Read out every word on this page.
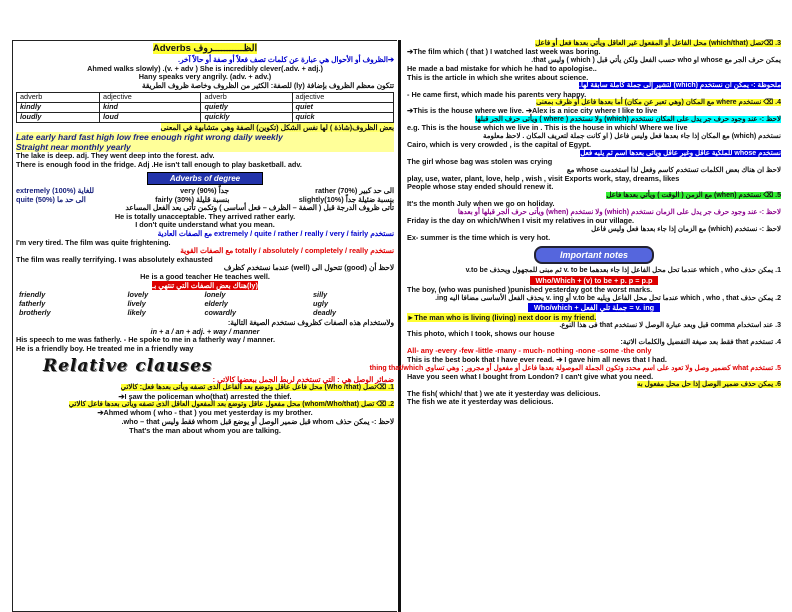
Adverbs الظـــــــــــروف
➔الظروف أو الأحوال هي عبارة عن كلمات تصف فعلاً أو صفة أو حالاً آخر.
Ahmed walks slowly) .(v. + adv ) She is incredibly clever(.adv. + adj.)
Hany speaks very angrily. (adv. + adv.)
تتكون معظم الظروف بإضافة (ly) للصفة: الكثير من الظروف وخاصة ظروف الطريقة
adverb	adjective	adverb	adjective
kindly	kind	quietly	quiet
loudly	loud	quickly	quick
بعض الظروف(شاذة ) لها نفس الشكل (تكوين) الصفة وهي متشابهة في المعنى
Late early hard fast high low free enough right wrong daily weekly
Straight near monthly yearly
The lake is deep. adj. They went deep into the forest. adv.
There is enough food in the fridge. Adj .He isn't tall enough to play basketball. adv.
Adverbs of degree
extremely (100%) للغاية	very (90%) جداً	rather (70%) الى حد كبير
quite (50%) الى حد ما	fairly (30%) بنسبة قليلة	slightly(10%) بنسبة ضئيلة جداً
تأتى ظروف الدرجة قبل ( الصفة – الظرف – فعل أساسى ) وتكمن تأتى بعد الفعل المساعد
He is totally unacceptable. They arrived rather early.
I don't quite understand what you mean.
نستخدم extremely / quite / rather / really / very / fairly مع الصفات العادية
I'm very tired. The film was quite frightening.
نستخدم totally / absolutely / completely / really مع الصفات القوية
The film was really terrifying. I was absolutely exhausted
لاحظ أن (good) تتحول الى (well) عندما نستخدم كظرف
He is a good teacher He teaches well.
هناك بعض الصفات التي تنتهي بـ(ly)
friendly	lovely	lonely	silly
fatherly	lively	elderly	ugly
brotherly	likely	cowardly	deadly
ولاستخدام هذه الصفات كظروف نستخدم الصيغة التالية:
in + a / an + adj. + way / manner
His speech to me was fatherly. - He spoke to me in a fatherly way / manner.
He is a friendly boy. He treated me in a friendly way
Relative clauses
ضمائر الوصل هي : التي تستخدم لربط الجمل ببعضها كالاتي :
1. ⌫تصل (Who /that) محل فاعل عاقل وتوضع بعد الفاعل الذى تصفه ويأتى بعدها فعل: كالاتي
➔I saw the policeman who(that) arrested the thief.
2. ⌫ تصل (whom/Who/that) محل مفعول عاقل وتوضع بعد المفعول العاقل الذى تصفه ويأتى بعدها فاعل كالاتي
➔Ahmed whom ( who - that ) you met yesterday is my brother.
لاحظ :- يمكن حذف whom قبل ضمير الوصل أو يوضع قبل whom فقط وليس who – that.
That's the man about whom you are talking.
3. ⌫تصل (which/that) محل الفاعل أو المفعول غير العاقل ويأتي بعدها فعل أو فاعل
➔The film which ( that ) I watched last week was boring.
يمكن حرف الجر مع whose او who حسب الفعل ولكن يأتي قبل ( which ) وليس that.
He made a bad mistake for which he had to apologise..
This is the article in which she writes about science.
ملحوظة :- يمكن أن نستخدم (which) لتشير إلى جملة كاملة سابقة لها.
- He came first, which made his parents very happy.
4. ⌫ نستخدم where مع المكان (وهي تعبر عن مكان) أما بعدها فاعل أو ظرف بمعنى
➔This is the house where we live. ➔Alex is a nice city where I like to live
لاحظ :- عند وجود حرف جر يدل على المكان نستخدم (which) ولا نستخدم ( where ) ويأتى حرف الجر قبلها
e.g. This is the house which we live in . This is the house in which/ Where we live
نستخدم (which) مع المكان إذا جاء بعدها فعل وليس فاعل ( او كانت جملة لتعريف المكان . لاحظ معلومة
Cairo, which is very crowded , is the capital of Egypt.
نستخدم whose للملكية عاقل وغير عاقل ويأتى بعدها اسم ثم يليه فعل
The girl whose bag was stolen was crying
لاحظ ان هناك بعض الكلمات تستخدم كاسم وفعل لذا استخدمت whose مع
play, use, water, plant, love, help , wish , visit Exports work, stay, dreams, likes
People whose stay ended should renew it.
5. ⌫ نستخدم (when) مع الزمن ( الوقت ) ويأتي بعدها فاعل
It's the month July when we go on holiday.
لاحظ :- عند وجود حرف جر يدل على الزمان نستخدم (which) ولا نستخدم (when) ويأتى حرف الجر قبلها أو بعدها
Friday is the day on which/When I visit my relatives in our village.
لاحظ :- نستخدم (which) مع الزمان إذا جاء بعدها فعل وليس فاعل
Ex- summer is the time which is very hot.
Important notes
1. يمكن حذف which , who عندما تحل محل الفاعل إذا جاء بعدهما v. to be ثم مبنى للمجهول ويحذف v.to be
Who/Which + (v) to be + p. p = p.p
The boy, (who was punished )punished yesterday got the worst marks.
2. يمكن حذف which , who , that عندما تحل محل الفاعل ويليه v.to be أو v. ing يحذف الفعل الأساسى مضافا اليه ing.
Who/which + جملة تلي الفعل = v. ing
►The man who is living (living) next door is my friend.
3. عند استخدام comma قبل وبعد عبارة الوصل لا نستخدم that فى هذا النوع.
This photo, which I took, shows our house
4. تستخدم that فقط بعد صيغة التفضيل والكلمات الاتية:
All- any -every -few -little -many - much- nothing -none -some -the only
This is the best book that I have ever read. ➔ I gave him all news that I had.
5. تستخدم what كضمير وصل ولا تعود على اسم محدد وتكون الجملة الموصولة بعدها فاعل أو مفعول أو مجرور ; وهي تساوي thing that/which
Have you seen what I bought from London? I can't give what you need.
6. يمكن حذف ضمير الوصل إذا حل محل مفعول به
The fish( which/ that ) we ate it yesterday was delicious.
The fish we ate it yesterday was delicious.
